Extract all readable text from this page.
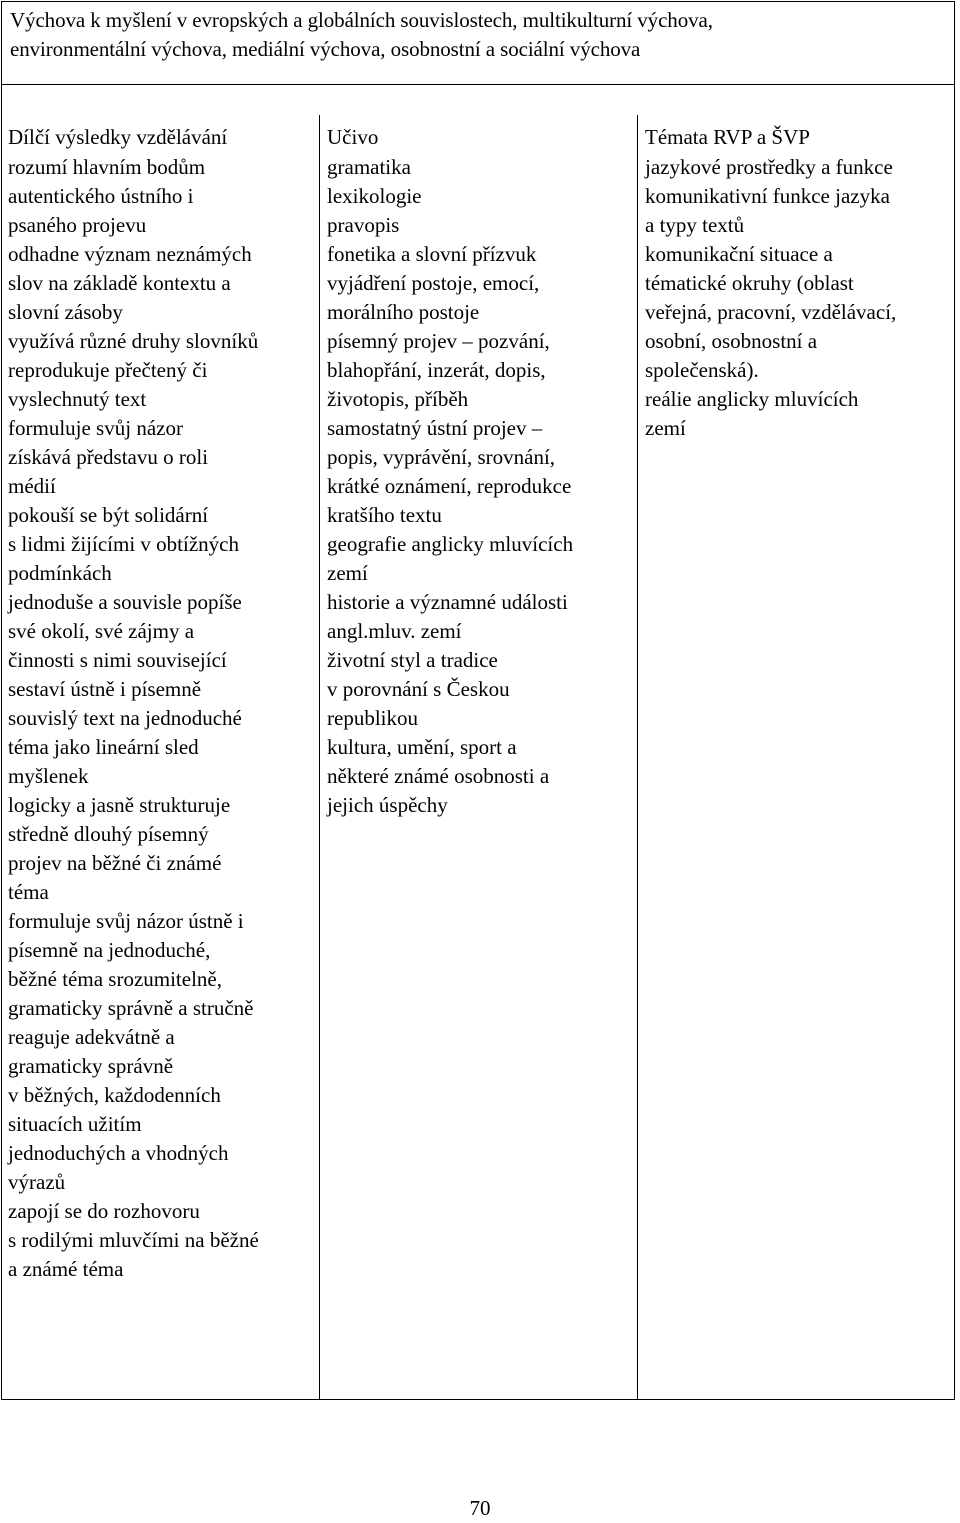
Výchova k myšlení v evropských a globálních souvislostech, multikulturní výchova,
environmentální výchova, mediální výchova, osobnostní a sociální výchova
Dílčí výsledky vzdělávání
rozumí hlavním bodům
autentického ústního i
psaného projevu
odhadne význam neznámých
slov na základě kontextu a
slovní zásoby
využívá různé druhy slovníků
reprodukuje přečtený či
vyslechnutý text
formuluje svůj názor
získává představu o roli
médií
pokouší se být solidární
s lidmi žijícími v obtížných
podmínkách
jednoduše a souvisle popíše
své okolí, své zájmy a
činnosti s nimi související
sestaví ústně i písemně
souvislý text na jednoduché
téma jako lineární sled
myšlenek
logicky a jasně strukturuje
středně dlouhý písemný
projev na běžné či známé
téma
formuluje svůj názor ústně i
písemně na jednoduché,
běžné téma srozumitelně,
gramaticky správně a stručně
reaguje adekvátně a
gramaticky správně
v běžných, každodenních
situacích užitím
jednoduchých a vhodných
výrazů
zapojí se do rozhovoru
s rodilými mluvčími na běžné
a známé téma
Učivo
gramatika
lexikologie
pravopis
fonetika a slovní přízvuk
vyjádření postoje, emocí,
morálního postoje
písemný projev – pozvání,
blahopřání, inzerát, dopis,
životopis, příběh
samostatný ústní projev –
popis, vyprávění, srovnání,
krátké oznámení, reprodukce
kratšího textu
geografie anglicky mluvících
zemí
historie a významné události
angl.mluv. zemí
životní styl a tradice
v porovnání s Českou
republikou
kultura, umění, sport a
některé známé osobnosti a
jejich úspěchy
Témata RVP a ŠVP
jazykové prostředky a funkce
komunikativní funkce jazyka
a typy textů
komunikační situace a
tématické okruhy (oblast
veřejná, pracovní, vzdělávací,
osobní, osobnostní a
společenská).
reálie anglicky mluvících
zemí
70
